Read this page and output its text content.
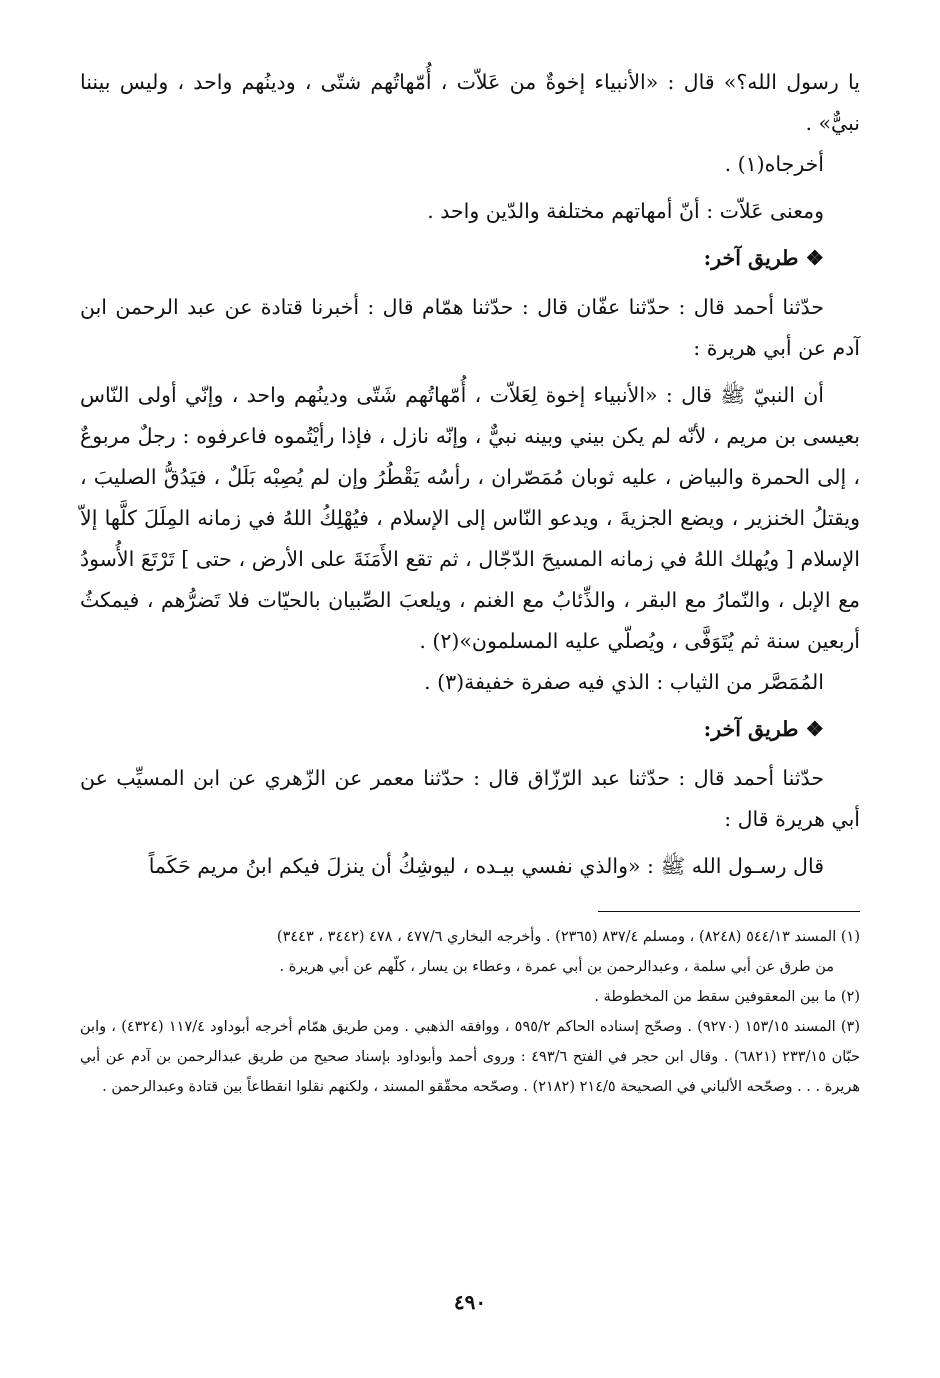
يا رسول الله؟» قال : «الأنبياء إخوةٌ من عَلاّت ، أُمّهاتُهم شتّى ، ودينُهم واحد ، وليس بيننا نبيٌّ» .

أخرجاه(١) .

ومعنى عَلاّت : أنّ أمهاتهم مختلفة والدّين واحد .

❖ طريق آخر:

حدّثنا أحمد قال : حدّثنا عفّان قال : حدّثنا همّام قال : أخبرنا قتادة عن عبد الرحمن ابن آدم عن أبي هريرة :

أن النبيّ ﷺ قال : «الأنبياء إخوة لِعَلاّت ، أُمّهاتُهم شَتّى ودينُهم واحد ، وإنّي أولى النّاس بعيسى بن مريم ، لأنّه لم يكن بيني وبينه نبيٌّ ، وإنّه نازل ، فإذا رأيْتُموه فاعرفوه : رجلٌ مربوعٌ ، إلى الحمرة والبياض ، عليه ثوبان مُمَصّران ، رأسُه يَقْطُرُ وإن لم يُصِبْه بَلَلٌ ، فيَدُقُّ الصليبَ ، ويقتلُ الخنزير ، ويضع الجزيةَ ، ويدعو النّاس إلى الإسلام ، فيُهْلِكُ اللهُ في زمانه المِلَلَ كلَّها إلاّ الإسلام [ ويُهلك اللهُ في زمانه المسيحَ الدّجّال ، ثم تقع الأَمَنَةَ على الأرض ، حتى ] تَرْتَعَ الأُسودُ مع الإبل ، والنّمارُ مع البقر ، والذِّئابُ مع الغنم ، ويلعبَ الصِّبيان بالحيّات فلا تَضرُّهم ، فيمكثُ أربعين سنة ثم يُتَوَفَّى ، ويُصلّي عليه المسلمون»(٢) .

المُمَصَّر من الثياب : الذي فيه صفرة خفيفة(٣) .

❖ طريق آخر:

حدّثنا أحمد قال : حدّثنا عبد الرّزّاق قال : حدّثنا معمر عن الزّهري عن ابن المسيِّب عن أبي هريرة قال :

قال رسـول الله ﷺ : «والذي نفسي بيـده ، ليوشِكُ أن ينزلَ فيكم ابنُ مريم حَكَماً

(١) المسند ٥٤٤/١٣ (٨٢٤٨) ، ومسلم ٨٣٧/٤ (٢٣٦٥) . وأخرجه البخاري ٤٧٧/٦ ، ٤٧٨ (٣٤٤٢ ، ٣٤٤٣)

من طرق عن أبي سلمة ، وعبدالرحمن بن أبي عمرة ، وعطاء بن يسار ، كلّهم عن أبي هريرة .

(٢) ما بين المعقوفين سقط من المخطوطة .

(٣) المسند ١٥٣/١٥ (٩٢٧٠) . وصحّح إسناده الحاكم ٥٩٥/٢ ، ووافقه الذهبي . ومن طريق همّام أخرجه أبوداود ١١٧/٤ (٤٣٢٤) ، وابن حبّان ٢٣٣/١٥ (٦٨٢١) . وقال ابن حجر في الفتح ٤٩٣/٦ : وروى أحمد وأبوداود بإسناد صحيح من طريق عبدالرحمن بن آدم عن أبي هريرة . . . وصحّحه الألباني في الصحيحة ٢١٤/٥ (٢١٨٢) . وصحّحه محقّقو المسند ، ولكنهم نقلوا انقطاعاً بين قتادة وعبدالرحمن .

٤٩٠
